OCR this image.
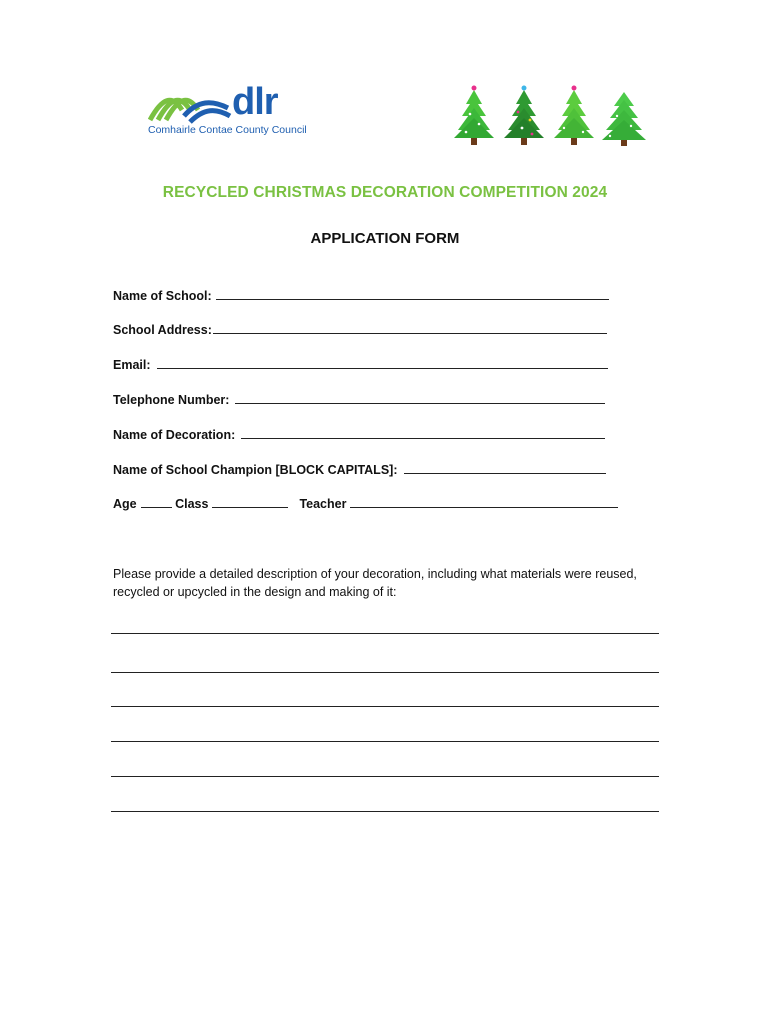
dlr
Comhairle Contae County Council
RECYCLED CHRISTMAS DECORATION COMPETITION 2024
APPLICATION FORM
Name of School:
School Address:
Email:
Telephone Number:
Name of Decoration:
Name of School Champion [BLOCK CAPITALS]:
Age	Class	Teacher
Please provide a detailed description of your decoration, including what materials were reused, recycled or upcycled in the design and making of it:
